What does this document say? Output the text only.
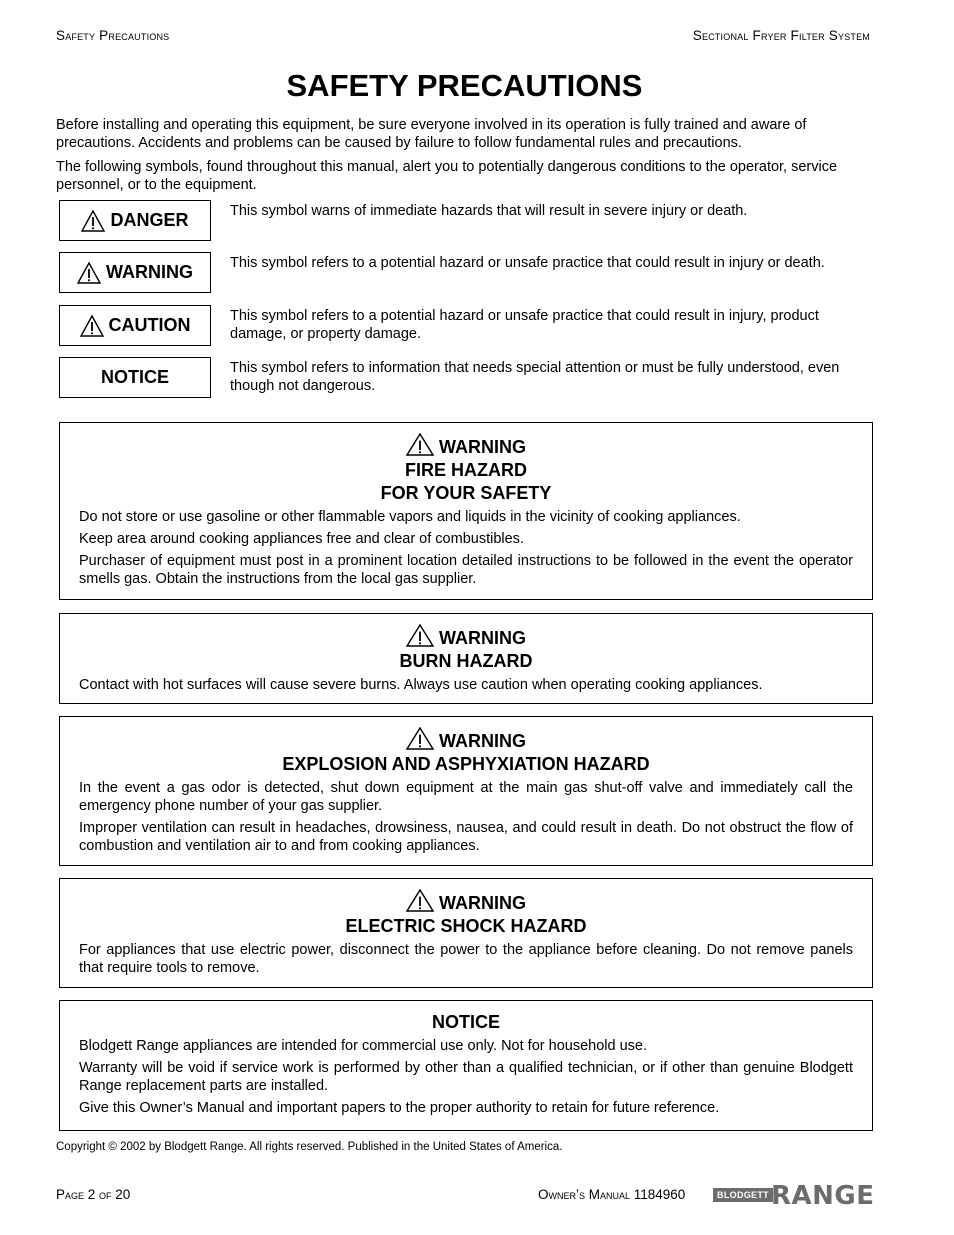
Safety Precautions	Sectional Fryer Filter System
SAFETY PRECAUTIONS

Before installing and operating this equipment, be sure everyone involved in its operation is fully trained and aware of precautions. Accidents and problems can be caused by failure to follow fundamental rules and precautions.

The following symbols, found throughout this manual, alert you to potentially dangerous conditions to the operator, service personnel, or to the equipment.

DANGER	This symbol warns of immediate hazards that will result in severe injury or death.
WARNING	This symbol refers to a potential hazard or unsafe practice that could result in injury or death.
CAUTION	This symbol refers to a potential hazard or unsafe practice that could result in injury, product damage, or property damage.
NOTICE	This symbol refers to information that needs special attention or must be fully understood, even though not dangerous.
WARNING
FIRE HAZARD
FOR YOUR SAFETY

Do not store or use gasoline or other flammable vapors and liquids in the vicinity of cooking appliances.

Keep area around cooking appliances free and clear of combustibles.

Purchaser of equipment must post in a prominent location detailed instructions to be followed in the event the operator smells gas. Obtain the instructions from the local gas supplier.

WARNING
BURN HAZARD

Contact with hot surfaces will cause severe burns. Always use caution when operating cooking appliances.

WARNING
EXPLOSION AND ASPHYXIATION HAZARD

In the event a gas odor is detected, shut down equipment at the main gas shut-off valve and immediately call the emergency phone number of your gas supplier.

Improper ventilation can result in headaches, drowsiness, nausea, and could result in death. Do not obstruct the flow of combustion and ventilation air to and from cooking appliances.

WARNING
ELECTRIC SHOCK HAZARD

For appliances that use electric power, disconnect the power to the appliance before cleaning. Do not remove panels that require tools to remove.

NOTICE

Blodgett Range appliances are intended for commercial use only. Not for household use.

Warranty will be void if service work is performed by other than a qualified technician, or if other than genuine Blodgett Range replacement parts are installed.

Give this Owner’s Manual and important papers to the proper authority to retain for future reference.

Copyright © 2002 by Blodgett Range. All rights reserved. Published in the United States of America.
Page 2 of 20	Owner’s Manual 1184960	BLODGETT RANGE
